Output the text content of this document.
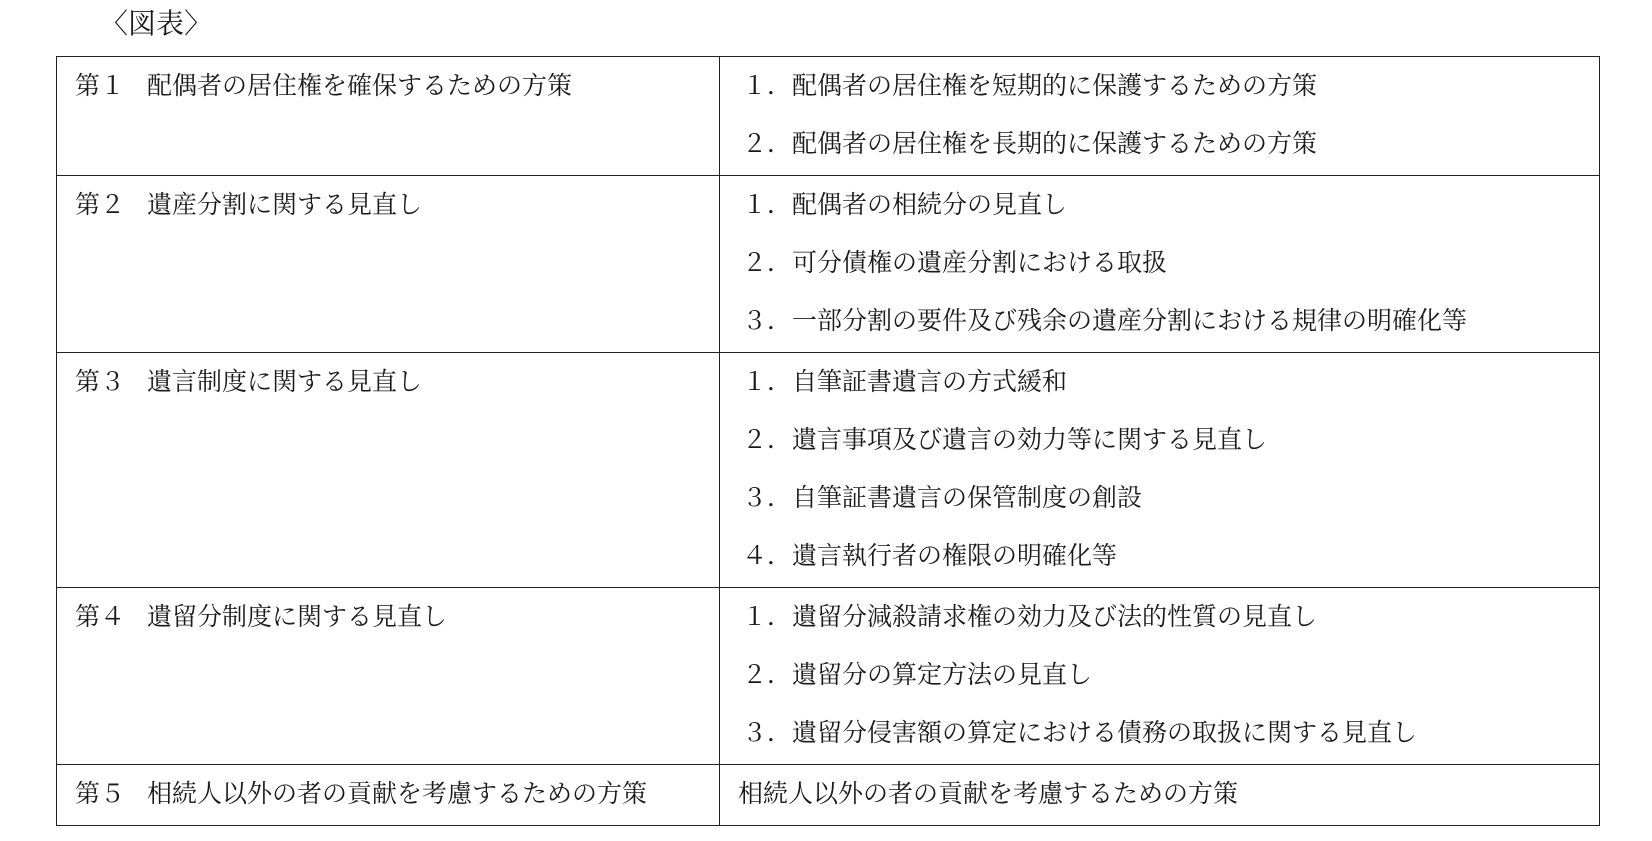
〈図表〉
第１ 配偶者の居住権を確保するための方策	１．配偶者の居住権を短期的に保護するための方策
２．配偶者の居住権を長期的に保護するための方策

第２ 遺産分割に関する見直し	１．配偶者の相続分の見直し
２．可分債権の遺産分割における取扱
３．一部分割の要件及び残余の遺産分割における規律の明確化等

第３ 遺言制度に関する見直し	１．自筆証書遺言の方式緩和
２．遺言事項及び遺言の効力等に関する見直し
３．自筆証書遺言の保管制度の創設
４．遺言執行者の権限の明確化等

第４ 遺留分制度に関する見直し	１．遺留分減殺請求権の効力及び法的性質の見直し
２．遺留分の算定方法の見直し
３．遺留分侵害額の算定における債務の取扱に関する見直し

第５ 相続人以外の者の貢献を考慮するための方策	相続人以外の者の貢献を考慮するための方策
